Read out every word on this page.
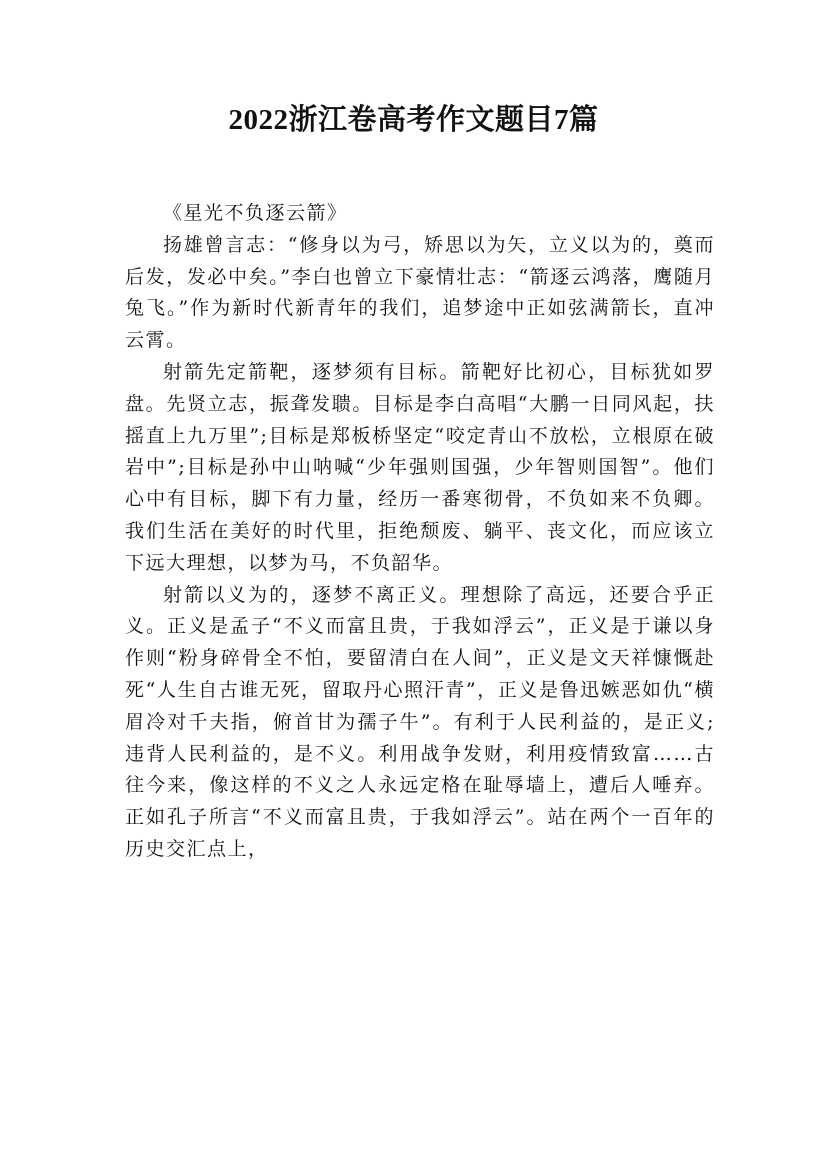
2022浙江卷高考作文题目7篇

《星光不负逐云箭》

扬雄曾言志：“修身以为弓，矫思以为矢，立义以为的，奠而后发，发必中矣。”李白也曾立下豪情壮志：“箭逐云鸿落，鹰随月兔飞。”作为新时代新青年的我们，追梦途中正如弦满箭长，直冲云霄。

射箭先定箭靶，逐梦须有目标。箭靶好比初心，目标犹如罗盘。先贤立志，振聋发聩。目标是李白高唱“大鹏一日同风起，扶摇直上九万里”;目标是郑板桥坚定“咬定青山不放松，立根原在破岩中”;目标是孙中山呐喊“少年强则国强，少年智则国智”。他们心中有目标，脚下有力量，经历一番寒彻骨，不负如来不负卿。我们生活在美好的时代里，拒绝颓废、躺平、丧文化，而应该立下远大理想，以梦为马，不负韶华。

射箭以义为的，逐梦不离正义。理想除了高远，还要合乎正义。正义是孟子“不义而富且贵，于我如浮云”，正义是于谦以身作则“粉身碎骨全不怕，要留清白在人间”，正义是文天祥慷慨赴死“人生自古谁无死，留取丹心照汗青”，正义是鲁迅嫉恶如仇“横眉冷对千夫指，俯首甘为孺子牛”。有利于人民利益的，是正义;违背人民利益的，是不义。利用战争发财，利用疫情致富……古往今来，像这样的不义之人永远定格在耻辱墙上，遭后人唾弃。正如孔子所言“不义而富且贵，于我如浮云”。站在两个一百年的历史交汇点上，
